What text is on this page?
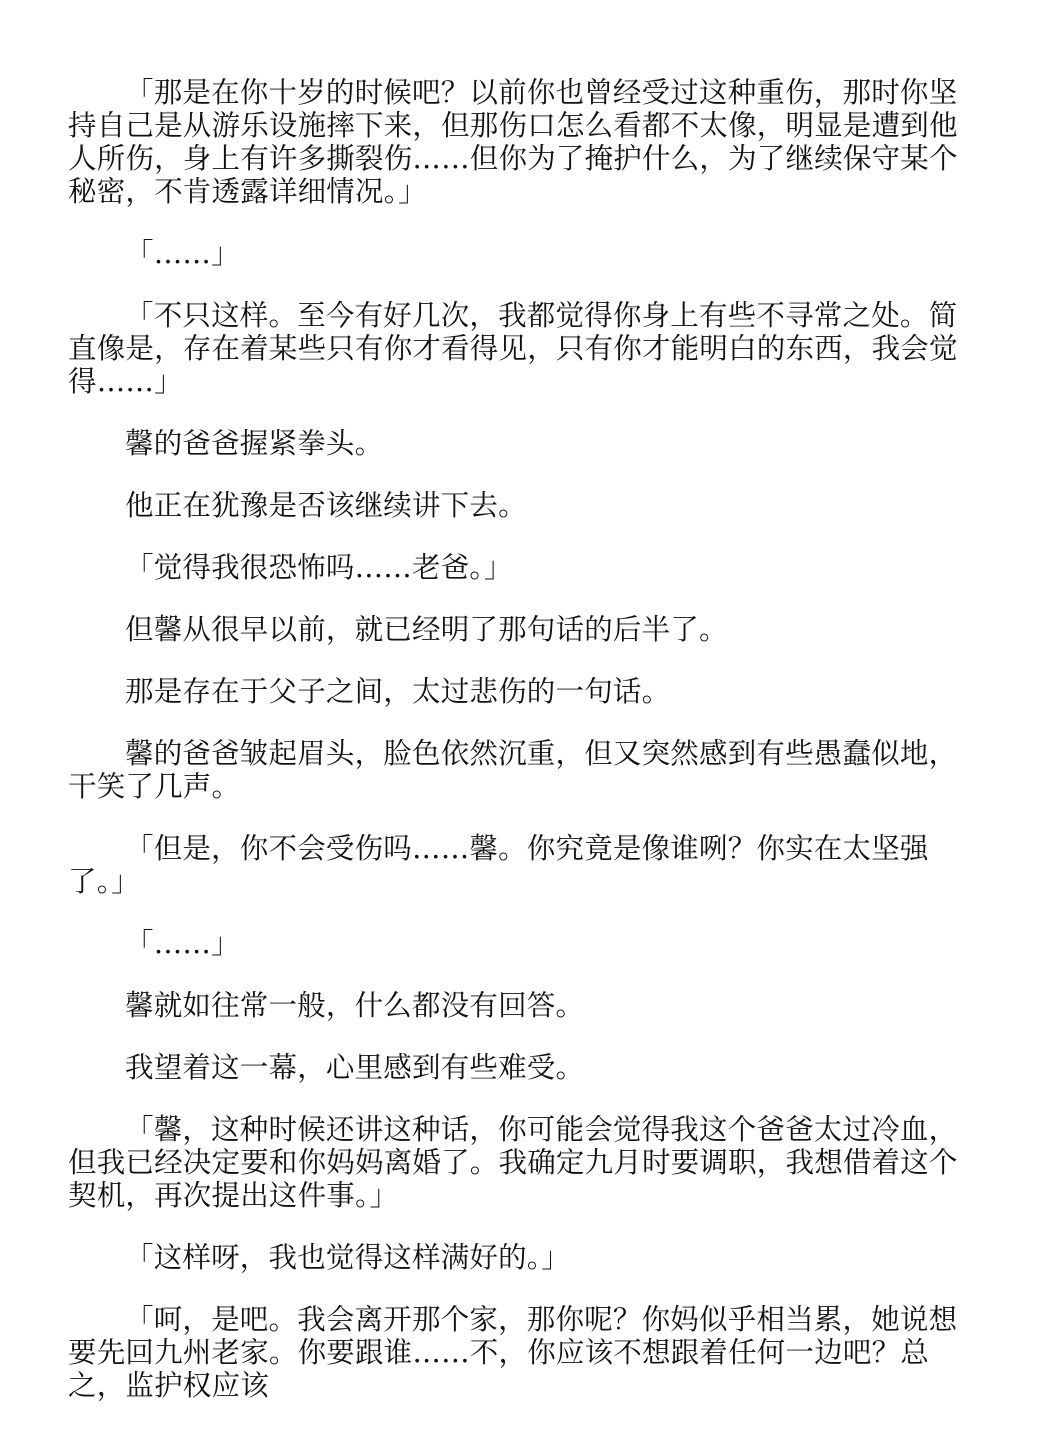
「那是在你十岁的时候吧？以前你也曾经受过这种重伤，那时你坚持自己是从游乐设施摔下来，但那伤口怎么看都不太像，明显是遭到他人所伤，身上有许多撕裂伤……但你为了掩护什么，为了继续保守某个秘密，不肯透露详细情况。」

「……」

「不只这样。至今有好几次，我都觉得你身上有些不寻常之处。简直像是，存在着某些只有你才看得见，只有你才能明白的东西，我会觉得……」

馨的爸爸握紧拳头。

他正在犹豫是否该继续讲下去。

「觉得我很恐怖吗……老爸。」

但馨从很早以前，就已经明了那句话的后半了。

那是存在于父子之间，太过悲伤的一句话。

馨的爸爸皱起眉头，脸色依然沉重，但又突然感到有些愚蠢似地，干笑了几声。

「但是，你不会受伤吗……馨。你究竟是像谁咧？你实在太坚强了。」

「……」

馨就如往常一般，什么都没有回答。

我望着这一幕，心里感到有些难受。

「馨，这种时候还讲这种话，你可能会觉得我这个爸爸太过冷血，但我已经决定要和你妈妈离婚了。我确定九月时要调职，我想借着这个契机，再次提出这件事。」

「这样呀，我也觉得这样满好的。」

「呵，是吧。我会离开那个家，那你呢？你妈似乎相当累，她说想要先回九州老家。你要跟谁……不，你应该不想跟着任何一边吧？总之，监护权应该
